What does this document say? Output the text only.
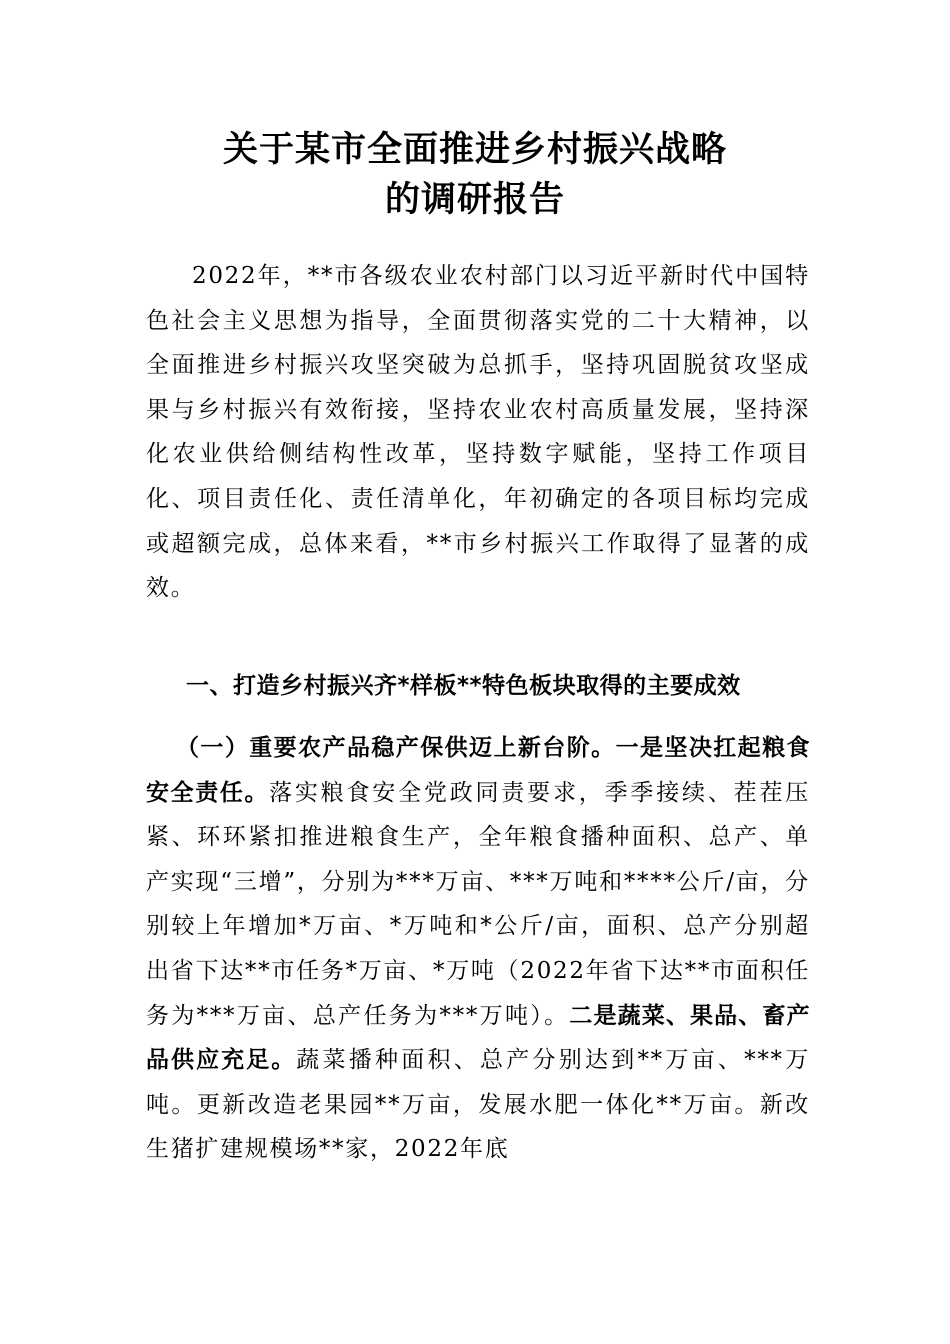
关于某市全面推进乡村振兴战略
的调研报告
2022年，**市各级农业农村部门以习近平新时代中国特色社会主义思想为指导，全面贯彻落实党的二十大精神，以全面推进乡村振兴攻坚突破为总抓手，坚持巩固脱贫攻坚成果与乡村振兴有效衔接，坚持农业农村高质量发展，坚持深化农业供给侧结构性改革，坚持数字赋能，坚持工作项目化、项目责任化、责任清单化，年初确定的各项目标均完成或超额完成，总体来看，**市乡村振兴工作取得了显著的成效。
一、打造乡村振兴齐*样板**特色板块取得的主要成效
（一）重要农产品稳产保供迈上新台阶。一是坚决扛起粮食安全责任。落实粮食安全党政同责要求，季季接续、茬茬压紧、环环紧扣推进粮食生产，全年粮食播种面积、总产、单产实现“三增”，分别为***万亩、***万吨和****公斤/亩，分别较上年增加*万亩、*万吨和*公斤/亩，面积、总产分别超出省下达**市任务*万亩、*万吨（2022年省下达**市面积任务为***万亩、总产任务为***万吨）。二是蔬菜、果品、畜产品供应充足。蔬菜播种面积、总产分别达到**万亩、***万吨。更新改造老果园**万亩，发展水肥一体化**万亩。新改生猪扩建规模场**家，2022年底
